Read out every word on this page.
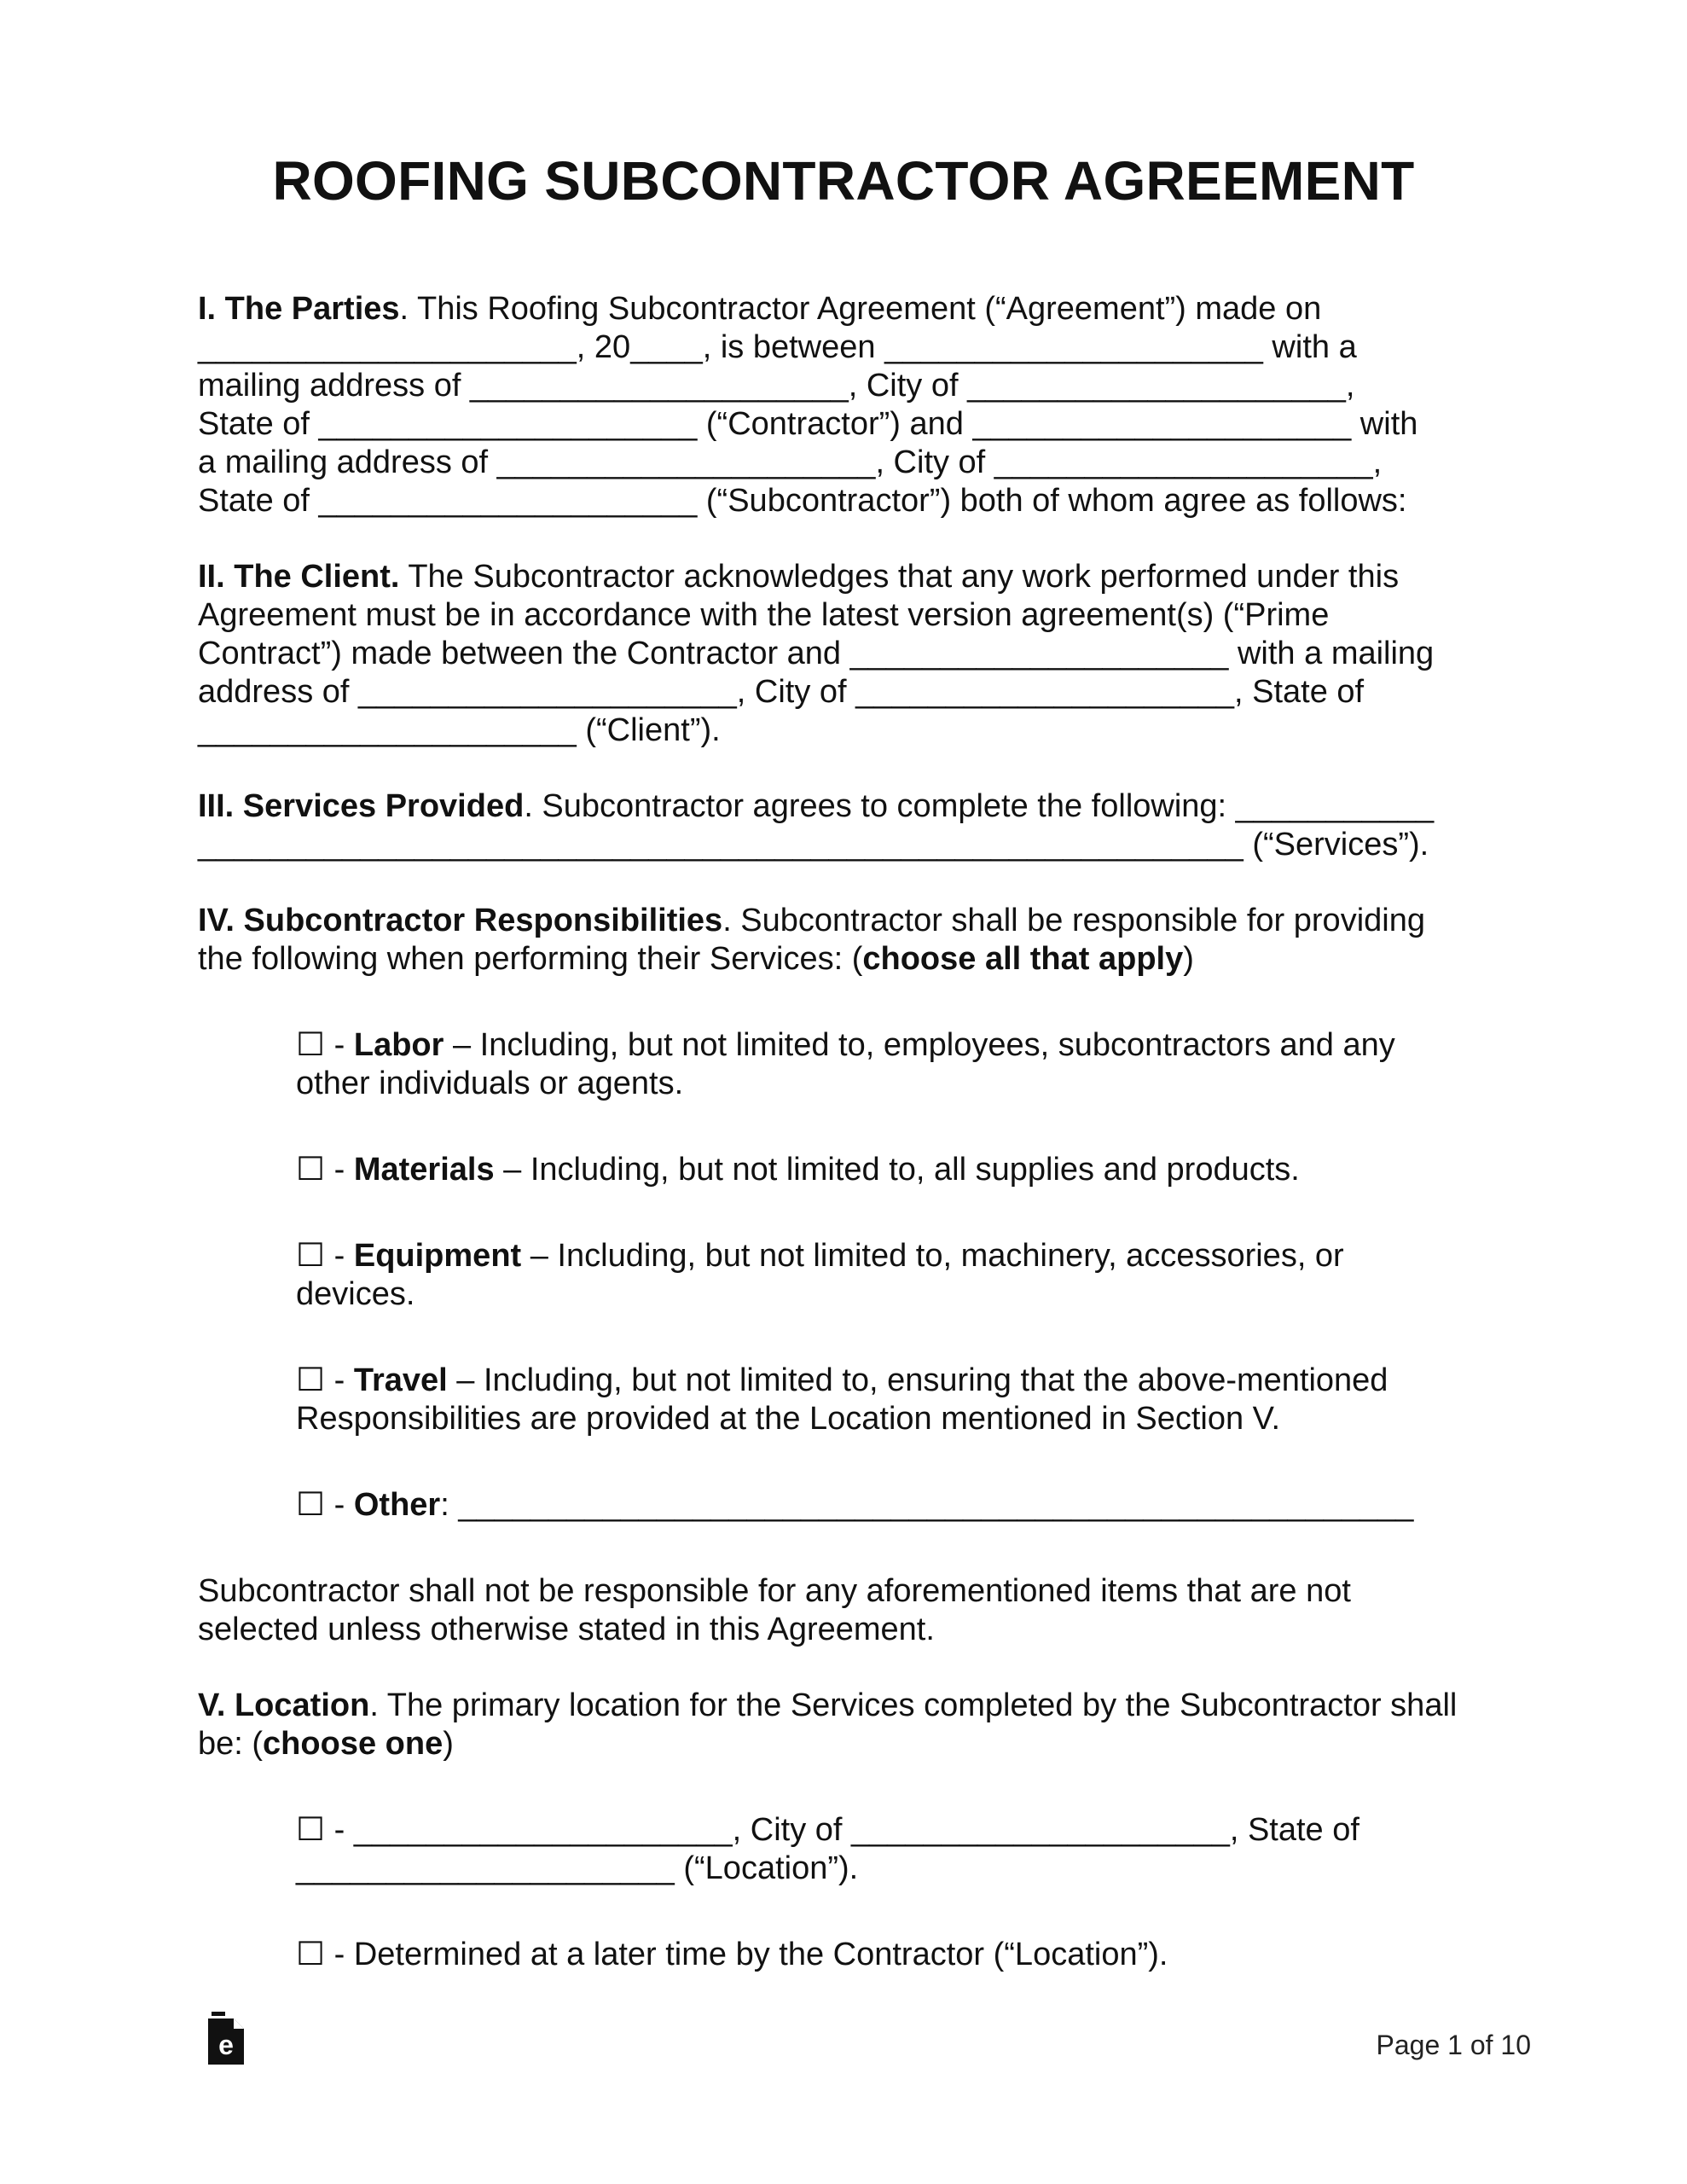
ROOFING SUBCONTRACTOR AGREEMENT

I. The Parties. This Roofing Subcontractor Agreement (“Agreement”) made on

_____________________, 20____, is between _____________________ with a

mailing address of _____________________, City of _____________________,

State of _____________________ (“Contractor”) and _____________________ with

a mailing address of _____________________, City of _____________________,

State of _____________________ (“Subcontractor”) both of whom agree as follows:

II. The Client. The Subcontractor acknowledges that any work performed under this

Agreement must be in accordance with the latest version agreement(s) (“Prime

Contract”) made between the Contractor and _____________________ with a mailing

address of _____________________, City of _____________________, State of

_____________________ (“Client”).

III. Services Provided. Subcontractor agrees to complete the following: ___________

__________________________________________________________ (“Services”).

IV. Subcontractor Responsibilities. Subcontractor shall be responsible for providing

the following when performing their Services: (choose all that apply)

☐ - Labor – Including, but not limited to, employees, subcontractors and any

other individuals or agents.

☐ - Materials – Including, but not limited to, all supplies and products.

☐ - Equipment – Including, but not limited to, machinery, accessories, or

devices.

☐ - Travel – Including, but not limited to, ensuring that the above-mentioned

Responsibilities are provided at the Location mentioned in Section V.

☐ - Other: _____________________________________________________

Subcontractor shall not be responsible for any aforementioned items that are not

selected unless otherwise stated in this Agreement.

V. Location. The primary location for the Services completed by the Subcontractor shall

be: (choose one)

☐ - _____________________, City of _____________________, State of

_____________________ (“Location”).

☐ - Determined at a later time by the Contractor (“Location”).

e	Page 1 of 10
